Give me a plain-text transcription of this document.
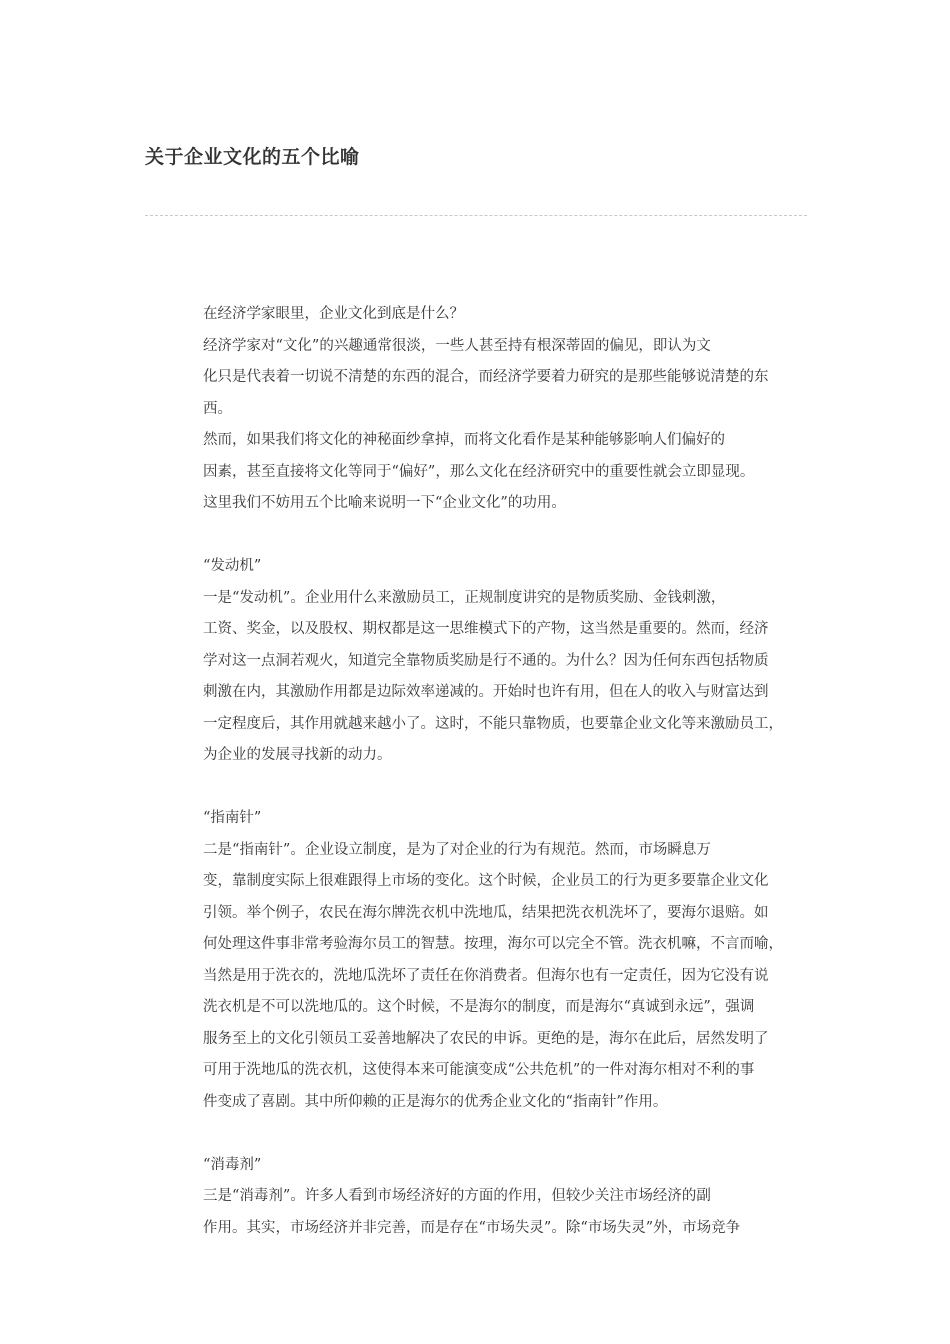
关于企业文化的五个比喻

在经济学家眼里，企业文化到底是什么？

经济学家对“文化”的兴趣通常很淡，一些人甚至持有根深蒂固的偏见，即认为文
化只是代表着一切说不清楚的东西的混合，而经济学要着力研究的是那些能够说清楚的东
西。

然而，如果我们将文化的神秘面纱拿掉，而将文化看作是某种能够影响人们偏好的
因素，甚至直接将文化等同于“偏好”，那么文化在经济研究中的重要性就会立即显现。
这里我们不妨用五个比喻来说明一下“企业文化”的功用。

“发动机”

一是“发动机”。企业用什么来激励员工，正规制度讲究的是物质奖励、金钱刺激，
工资、奖金，以及股权、期权都是这一思维模式下的产物，这当然是重要的。然而，经济
学对这一点洞若观火，知道完全靠物质奖励是行不通的。为什么？因为任何东西包括物质
刺激在内，其激励作用都是边际效率递减的。开始时也许有用，但在人的收入与财富达到
一定程度后，其作用就越来越小了。这时，不能只靠物质，也要靠企业文化等来激励员工，
为企业的发展寻找新的动力。

“指南针”

二是“指南针”。企业设立制度，是为了对企业的行为有规范。然而，市场瞬息万
变，靠制度实际上很难跟得上市场的变化。这个时候，企业员工的行为更多要靠企业文化
引领。举个例子，农民在海尔牌洗衣机中洗地瓜，结果把洗衣机洗坏了，要海尔退赔。如
何处理这件事非常考验海尔员工的智慧。按理，海尔可以完全不管。洗衣机嘛，不言而喻，
当然是用于洗衣的，洗地瓜洗坏了责任在你消费者。但海尔也有一定责任，因为它没有说
洗衣机是不可以洗地瓜的。这个时候，不是海尔的制度，而是海尔“真诚到永远”，强调
服务至上的文化引领员工妥善地解决了农民的申诉。更绝的是，海尔在此后，居然发明了
可用于洗地瓜的洗衣机，这使得本来可能演变成“公共危机”的一件对海尔相对不利的事
件变成了喜剧。其中所仰赖的正是海尔的优秀企业文化的“指南针”作用。

“消毒剂”

三是“消毒剂”。许多人看到市场经济好的方面的作用，但较少关注市场经济的副
作用。其实，市场经济并非完善，而是存在“市场失灵”。除“市场失灵”外，市场竞争
